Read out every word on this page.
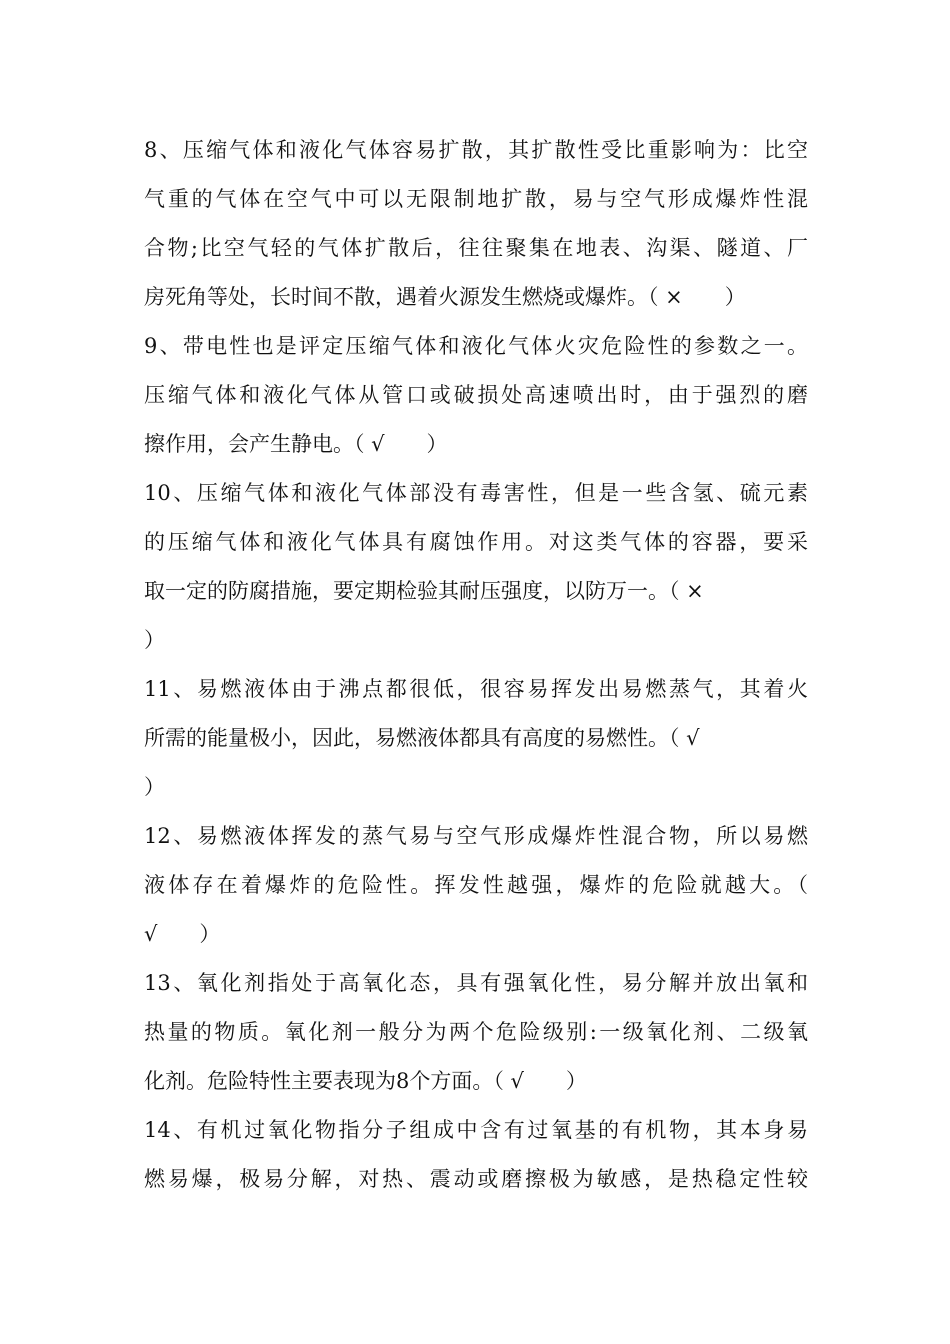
8、压缩气体和液化气体容易扩散，其扩散性受比重影响为：比空
气重的气体在空气中可以无限制地扩散，易与空气形成爆炸性混
合物;比空气轻的气体扩散后，往往聚集在地表、沟渠、隧道、厂
房死角等处，长时间不散，遇着火源发生燃烧或爆炸。（ ×　　）
9、带电性也是评定压缩气体和液化气体火灾危险性的参数之一。
压缩气体和液化气体从管口或破损处高速喷出时，由于强烈的磨
擦作用，会产生静电。（ √　　）
10、压缩气体和液化气体部没有毒害性，但是一些含氢、硫元素
的压缩气体和液化气体具有腐蚀作用。对这类气体的容器，要采
取一定的防腐措施，要定期检验其耐压强度，以防万一。（ ×
）
11、易燃液体由于沸点都很低，很容易挥发出易燃蒸气，其着火
所需的能量极小，因此，易燃液体都具有高度的易燃性。（ √
）
12、易燃液体挥发的蒸气易与空气形成爆炸性混合物，所以易燃
液体存在着爆炸的危险性。挥发性越强，爆炸的危险就越大。（
√　　）
13、氧化剂指处于高氧化态，具有强氧化性，易分解并放出氧和
热量的物质。氧化剂一般分为两个危险级别:一级氧化剂、二级氧
化剂。危险特性主要表现为8个方面。（ √　　）
14、有机过氧化物指分子组成中含有过氧基的有机物，其本身易
燃易爆，极易分解，对热、震动或磨擦极为敏感，是热稳定性较
